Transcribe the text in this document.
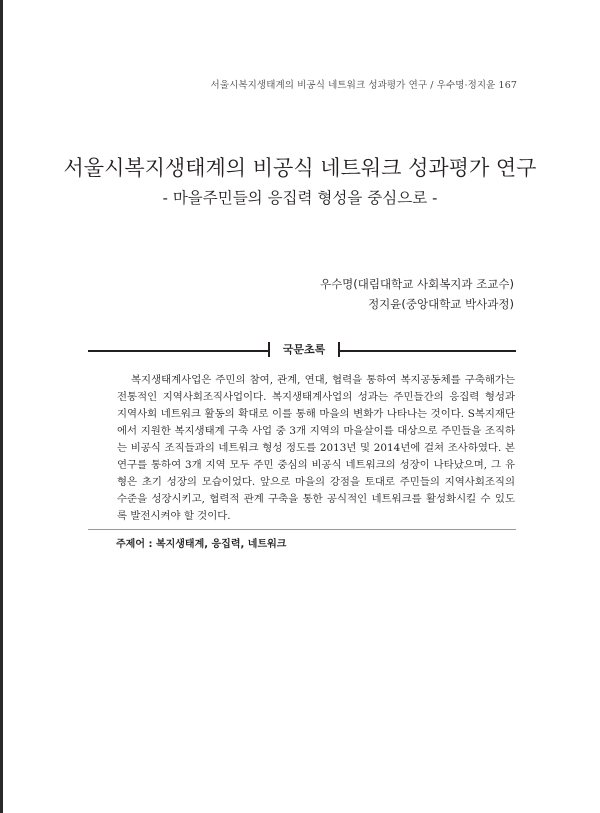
서울시복지생태계의 비공식 네트워크 성과평가 연구 / 우수명·정지윤 167
서울시복지생태계의 비공식 네트워크 성과평가 연구
- 마을주민들의 응집력 형성을 중심으로 -
우수명(대림대학교 사회복지과 조교수)
정지윤(중앙대학교 박사과정)
국문초록
복지생태계사업은 주민의 참여, 관계, 연대, 협력을 통하여 복지공동체를 구축해가는
전통적인 지역사회조직사업이다. 복지생태계사업의 성과는 주민들간의 응집력 형성과
지역사회 네트워크 활동의 확대로 이를 통해 마을의 변화가 나타나는 것이다. S복지재단
에서 지원한 복지생태계 구축 사업 중 3개 지역의 마을살이를 대상으로 주민들을 조직하
는 비공식 조직들과의 네트워크 형성 정도를 2013년 및 2014년에 걸쳐 조사하였다. 본
연구를 통하여 3개 지역 모두 주민 중심의 비공식 네트워크의 성장이 나타났으며, 그 유
형은 초기 성장의 모습이었다. 앞으로 마을의 강점을 토대로 주민들의 지역사회조직의
수준을 성장시키고, 협력적 관계 구축을 통한 공식적인 네트워크를 활성화시킬 수 있도
록 발전시켜야 할 것이다.
주제어 : 복지생태계, 응집력, 네트워크
